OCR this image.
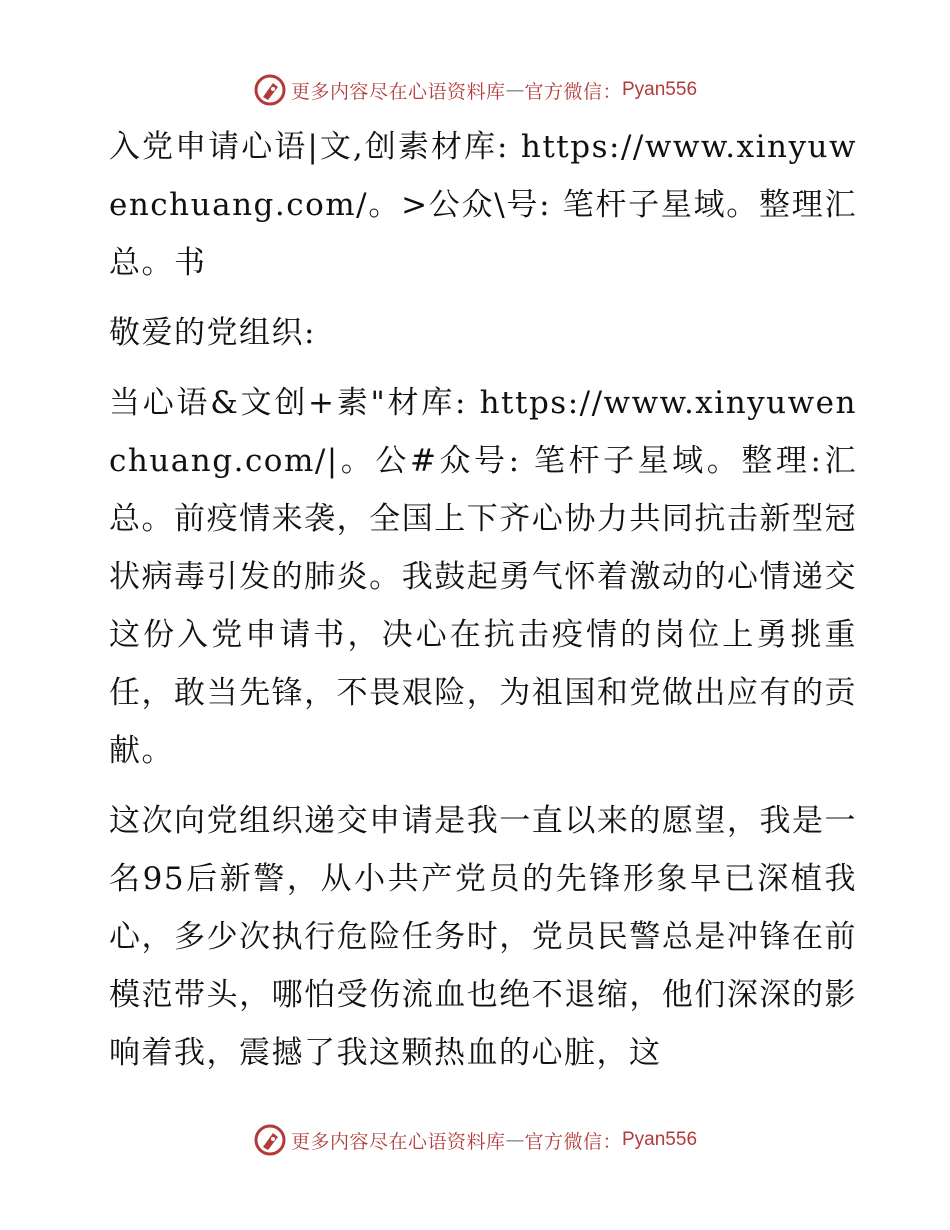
更多内容尽在心语资料库 — 官方微信： Pyan556

入党申请心语|文,创素材库: https://www.xinyuwenchuang.com/。>公众\号: 笔杆子星域。整理汇总。书

敬爱的党组织:

当心语&文创+素"材库: https://www.xinyuwenchuang.com/|。公#众号: 笔杆子星域。整理:汇总。前疫情来袭，全国上下齐心协力共同抗击新型冠状病毒引发的肺炎。我鼓起勇气怀着激动的心情递交这份入党申请书，决心在抗击疫情的岗位上勇挑重任，敢当先锋，不畏艰险，为祖国和党做出应有的贡献。

这次向党组织递交申请是我一直以来的愿望，我是一名95后新警，从小共产党员的先锋形象早已深植我心，多少次执行危险任务时，党员民警总是冲锋在前模范带头，哪怕受伤流血也绝不退缩，他们深深的影响着我，震撼了我这颗热血的心脏，这

更多内容尽在心语资料库 — 官方微信： Pyan556
